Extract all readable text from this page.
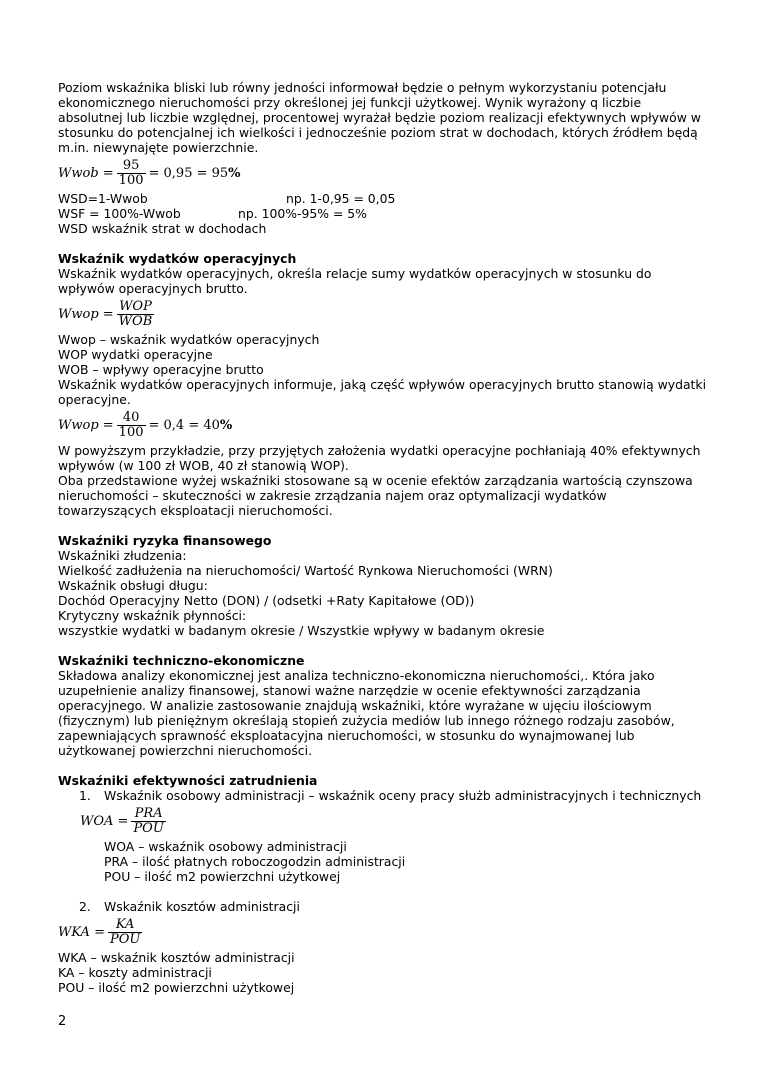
Poziom wskaźnika bliski lub równy jedności informował będzie o pełnym wykorzystaniu potencjału ekonomicznego nieruchomości przy określonej jej funkcji użytkowej. Wynik wyrażony q liczbie absolutnej lub liczbie względnej, procentowej wyrażał będzie poziom realizacji efektywnych wpływów w stosunku do potencjalnej ich wielkości i jednocześnie poziom strat w dochodach, których źródłem będą m.in. niewynajęte powierzchnie.

Wwob = $\frac{95}{100} = 0,95 = 95$ %
WSD=1-Wwob	np. 1-0,95 = 0,05
WSF = 100%-Wwob	np. 100%-95% = 5%

WSD wskaźnik strat w dochodach

Wskaźnik wydatków operacyjnych

Wskaźnik wydatków operacyjnych, określa relacje sumy wydatków operacyjnych w stosunku do wpływów operacyjnych brutto.

Wwop = $\frac{\text{WOP}}{\text{WOB}}$

Wwop – wskaźnik wydatków operacyjnych

WOP wydatki operacyjne

WOB – wpływy operacyjne brutto

Wskaźnik wydatków operacyjnych informuje, jaką część wpływów operacyjnych brutto stanowią wydatki operacyjne.

Wwop = $\frac{40}{100} = 0,4 = 40$ %

W powyższym przykładzie, przy przyjętych założenia wydatki operacyjne pochłaniają 40% efektywnych wpływów (w 100 zł WOB, 40 zł stanowią WOP).

Oba przedstawione wyżej wskaźniki stosowane są w ocenie efektów zarządzania wartością czynszowa nieruchomości – skuteczności w zakresie zrządzania najem oraz optymalizacji wydatków towarzyszących eksploatacji nieruchomości.

Wskaźniki ryzyka finansowego

Wskaźniki złudzenia:

Wielkość zadłużenia na nieruchomości/ Wartość Rynkowa Nieruchomości (WRN)

Wskaźnik obsługi długu:

Dochód Operacyjny Netto (DON) / (odsetki +Raty Kapitałowe (OD))

Krytyczny wskaźnik płynności:

wszystkie wydatki w badanym okresie / Wszystkie wpływy w badanym okresie

Wskaźniki techniczno-ekonomiczne

Składowa analizy ekonomicznej jest analiza techniczno-ekonomiczna nieruchomości,. Która jako uzupełnienie analizy finansowej, stanowi ważne narzędzie w ocenie efektywności zarządzania operacyjnego. W analizie zastosowanie znajdują wskaźniki, które wyrażane w ujęciu ilościowym (fizycznym) lub pieniężnym określają stopień zużycia mediów lub innego różnego rodzaju zasobów, zapewniających sprawność eksploatacyjna nieruchomości, w stosunku do wynajmowanej lub użytkowanej powierzchni nieruchomości.

Wskaźniki efektywności zatrudnienia
1.	Wskaźnik osobowy administracji – wskaźnik oceny pracy służb administracyjnych i technicznych
WOA = $\frac{\text{PRA}}{\text{POU}}$

WOA – wskaźnik osobowy administracji

PRA – ilość płatnych roboczogodzin administracji

POU – ilość m2 powierzchni użytkowej

2.	Wskaźnik kosztów administracji
WKA = $\frac{KA}{\text{POU}}$

WKA – wskaźnik kosztów administracji

KA – koszty administracji

POU – ilość m2 powierzchni użytkowej

2
